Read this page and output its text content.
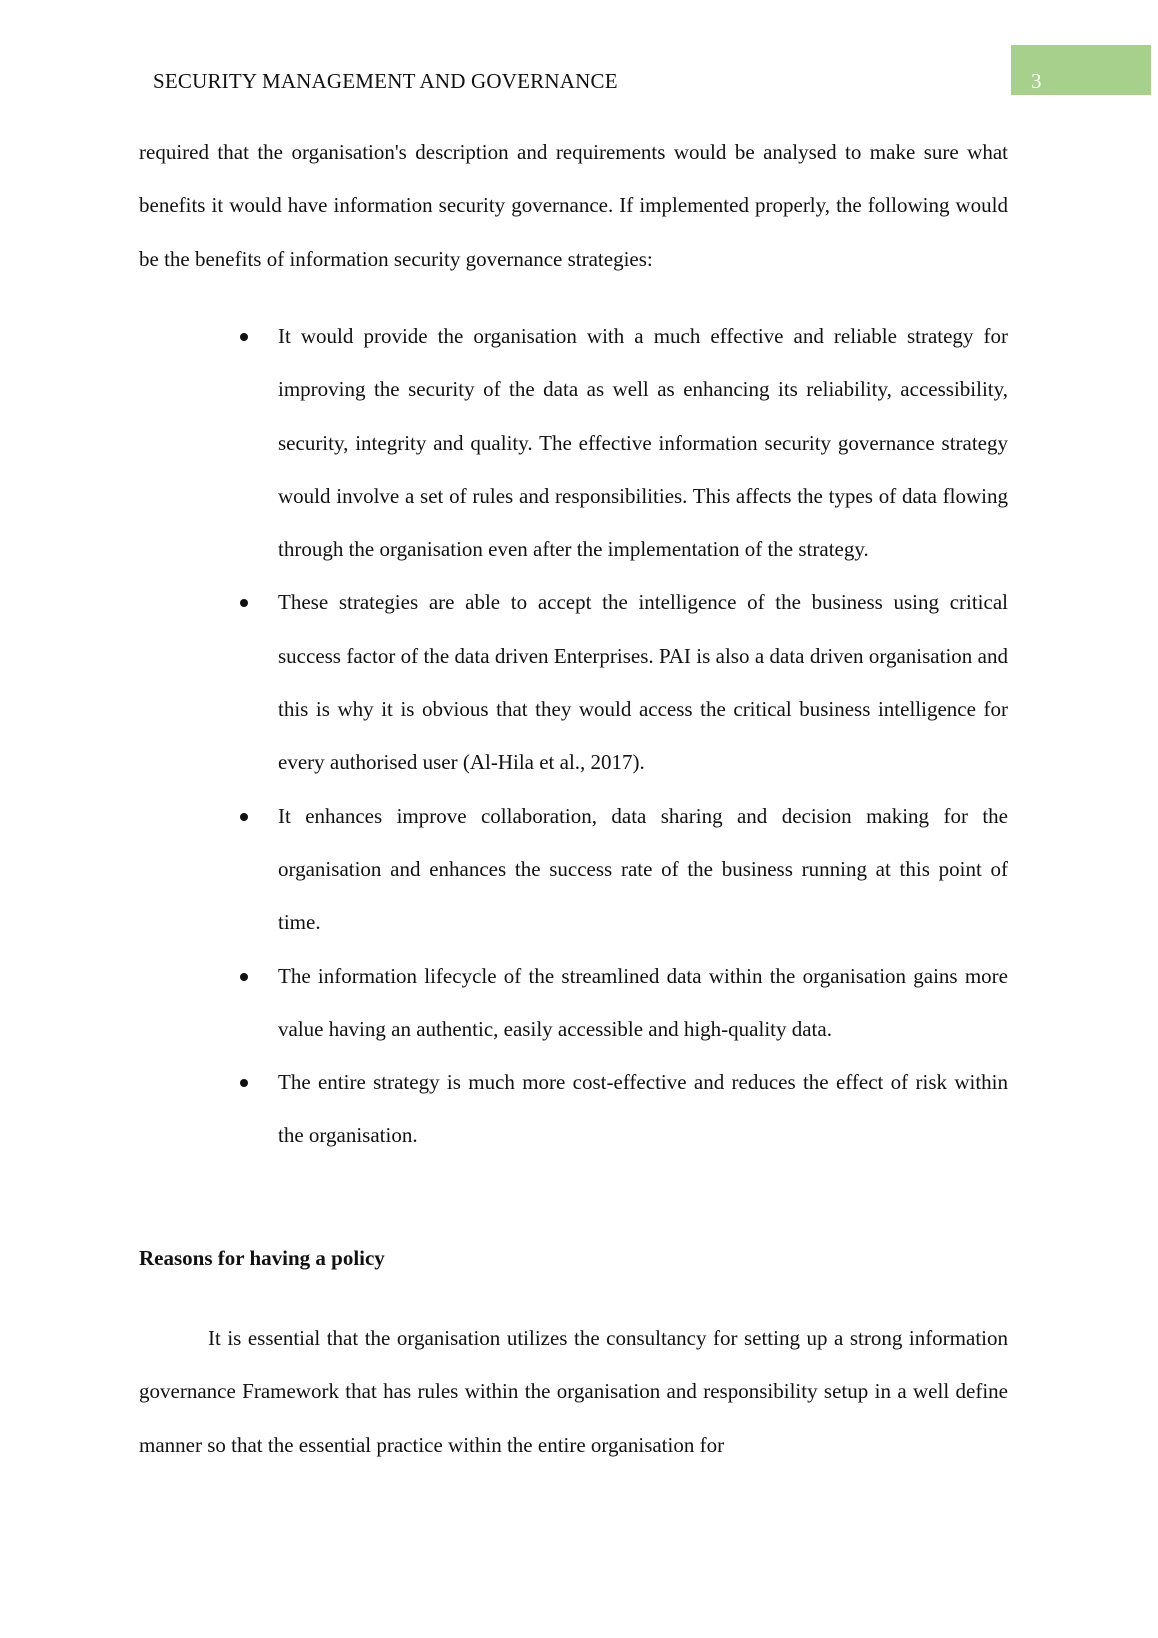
SECURITY MANAGEMENT AND GOVERNANCE	3

required that the organisation's description and requirements would be analysed to make sure what benefits it would have information security governance. If implemented properly, the following would be the benefits of information security governance strategies:

It would provide the organisation with a much effective and reliable strategy for improving the security of the data as well as enhancing its reliability, accessibility, security, integrity and quality. The effective information security governance strategy would involve a set of rules and responsibilities. This affects the types of data flowing through the organisation even after the implementation of the strategy.
These strategies are able to accept the intelligence of the business using critical success factor of the data driven Enterprises. PAI is also a data driven organisation and this is why it is obvious that they would access the critical business intelligence for every authorised user (Al-Hila et al., 2017).
It enhances improve collaboration, data sharing and decision making for the organisation and enhances the success rate of the business running at this point of time.
The information lifecycle of the streamlined data within the organisation gains more value having an authentic, easily accessible and high-quality data.
The entire strategy is much more cost-effective and reduces the effect of risk within the organisation.
Reasons for having a policy

It is essential that the organisation utilizes the consultancy for setting up a strong information governance Framework that has rules within the organisation and responsibility setup in a well define manner so that the essential practice within the entire organisation for
